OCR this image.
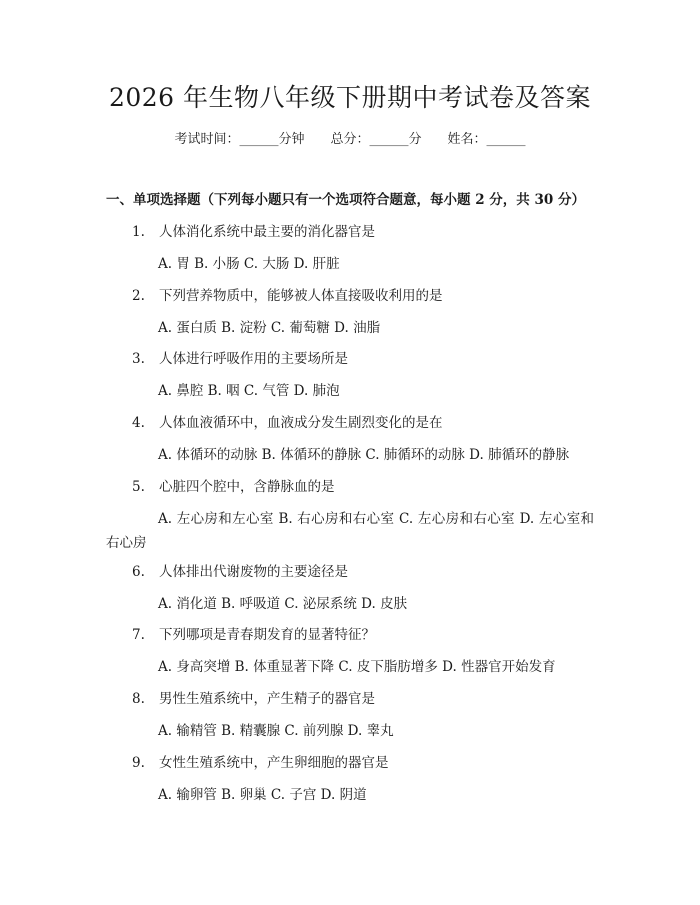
2026 年生物八年级下册期中考试卷及答案
考试时间：______分钟 总分：______分 姓名：______
一、单项选择题（下列每小题只有一个选项符合题意，每小题 2 分，共 30 分）
1. 人体消化系统中最主要的消化器官是
A. 胃 B. 小肠 C. 大肠 D. 肝脏
2. 下列营养物质中，能够被人体直接吸收利用的是
A. 蛋白质 B. 淀粉 C. 葡萄糖 D. 油脂
3. 人体进行呼吸作用的主要场所是
A. 鼻腔 B. 咽 C. 气管 D. 肺泡
4. 人体血液循环中，血液成分发生剧烈变化的是在
A. 体循环的动脉 B. 体循环的静脉 C. 肺循环的动脉 D. 肺循环的静脉
5. 心脏四个腔中，含静脉血的是
A. 左心房和左心室 B. 右心房和右心室 C. 左心房和右心室 D. 左心室和右心房
6. 人体排出代谢废物的主要途径是
A. 消化道 B. 呼吸道 C. 泌尿系统 D. 皮肤
7. 下列哪项是青春期发育的显著特征？
A. 身高突增 B. 体重显著下降 C. 皮下脂肪增多 D. 性器官开始发育
8. 男性生殖系统中，产生精子的器官是
A. 输精管 B. 精囊腺 C. 前列腺 D. 睾丸
9. 女性生殖系统中，产生卵细胞的器官是
A. 输卵管 B. 卵巢 C. 子宫 D. 阴道
